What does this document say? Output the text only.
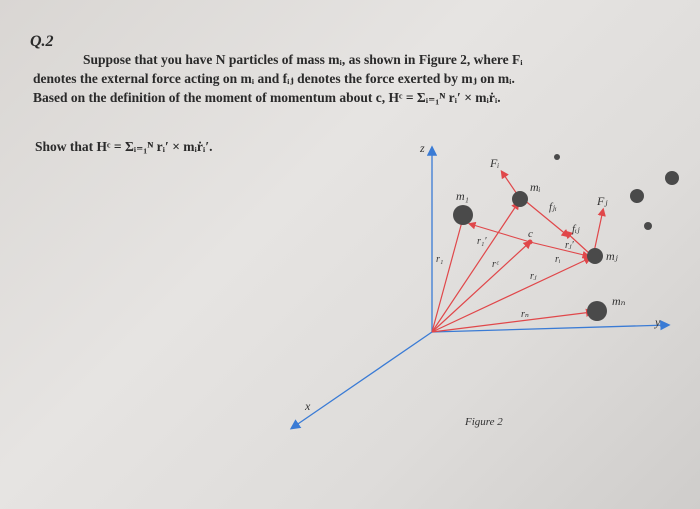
Q.2
Suppose that you have N particles of mass mᵢ, as shown in Figure 2, where Fᵢ
denotes the external force acting on mᵢ and fᵢⱼ denotes the force exerted by mⱼ on mᵢ.
Based on the definition of the moment of momentum about c, Hᶜ = Σᵢ₌₁ᴺ rᵢ′ × mᵢṙᵢ.
Show that Hᶜ = Σᵢ₌₁ᴺ rᵢ′ × mᵢṙᵢ′.	z
y
x
Fᵢ
mᵢ
m₁
fⱼᵢ	Fⱼ
fᵢⱼ
mⱼ
mₙ
c
r₁
r₁′
rᶜ	rᵢ
rⱼ
rⱼ′
rₙ
Figure 2
